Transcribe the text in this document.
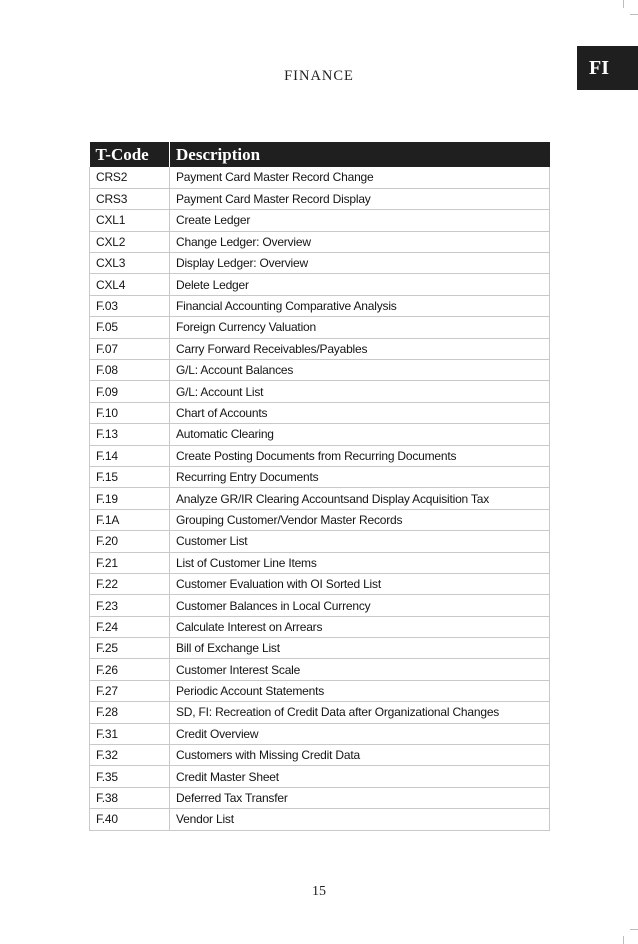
FINANCE	FI
T-Code	Description
CRS2	Payment Card Master Record Change
CRS3	Payment Card Master Record Display
CXL1	Create Ledger
CXL2	Change Ledger: Overview
CXL3	Display Ledger: Overview
CXL4	Delete Ledger
F.03	Financial Accounting Comparative Analysis
F.05	Foreign Currency Valuation
F.07	Carry Forward Receivables/Payables
F.08	G/L: Account Balances
F.09	G/L: Account List
F.10	Chart of Accounts
F.13	Automatic Clearing
F.14	Create Posting Documents from Recurring Documents
F.15	Recurring Entry Documents
F.19	Analyze GR/IR Clearing Accountsand Display Acquisition Tax
F.1A	Grouping Customer/Vendor Master Records
F.20	Customer List
F.21	List of Customer Line Items
F.22	Customer Evaluation with OI Sorted List
F.23	Customer Balances in Local Currency
F.24	Calculate Interest on Arrears
F.25	Bill of Exchange List
F.26	Customer Interest Scale
F.27	Periodic Account Statements
F.28	SD, FI: Recreation of Credit Data after Organizational Changes
F.31	Credit Overview
F.32	Customers with Missing Credit Data
F.35	Credit Master Sheet
F.38	Deferred Tax Transfer
F.40	Vendor List
15
